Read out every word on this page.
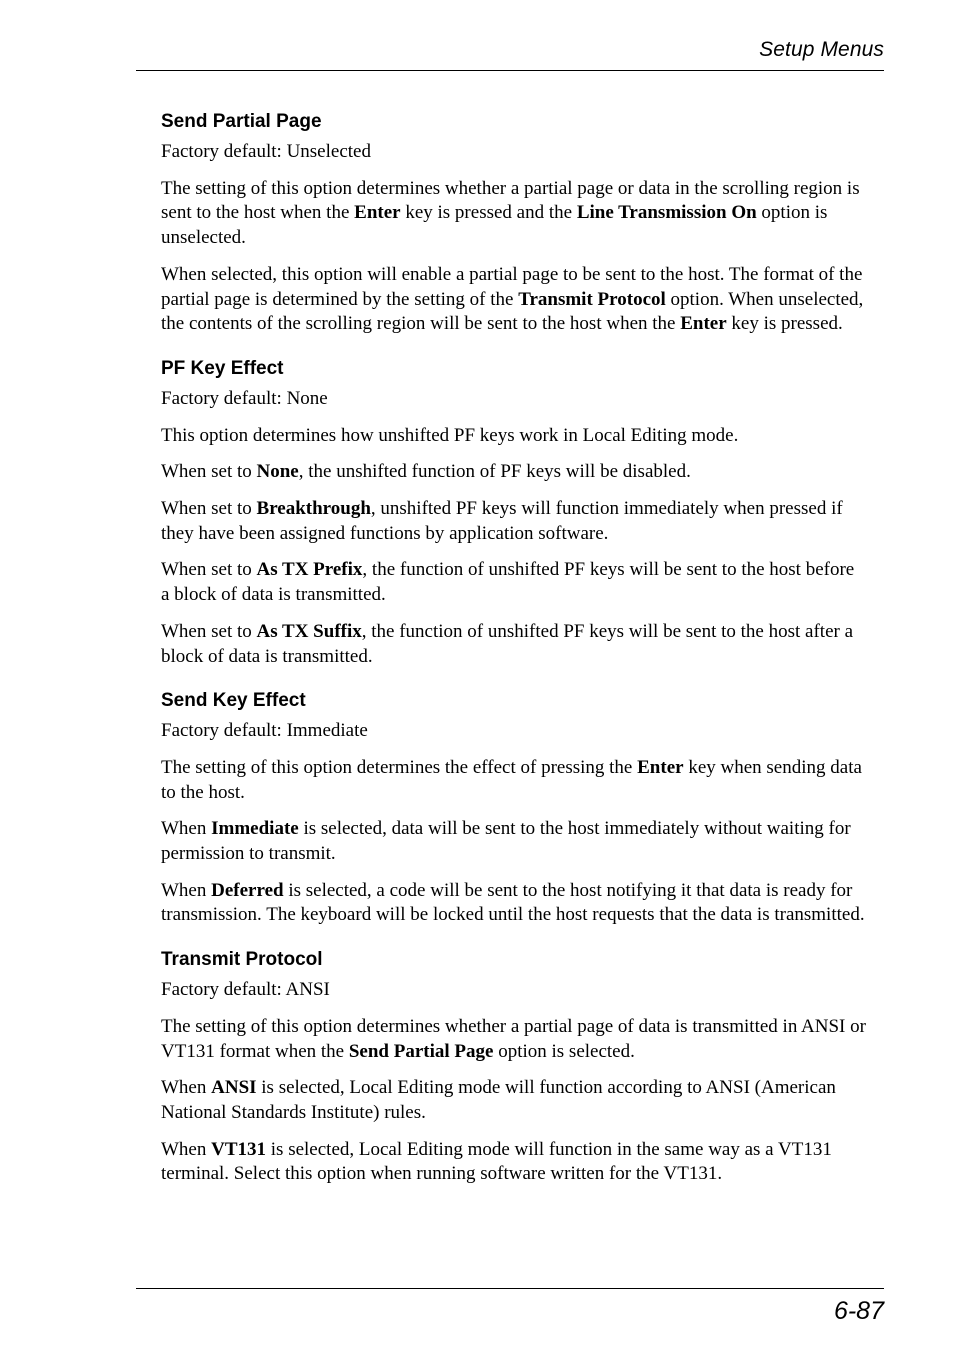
Setup Menus
Send Partial Page

Factory default: Unselected

The setting of this option determines whether a partial page or data in the scrolling region is sent to the host when the Enter key is pressed and the Line Transmission On option is unselected.

When selected, this option will enable a partial page to be sent to the host. The format of the partial page is determined by the setting of the Transmit Protocol option. When unselected, the contents of the scrolling region will be sent to the host when the Enter key is pressed.

PF Key Effect

Factory default: None

This option determines how unshifted PF keys work in Local Editing mode.

When set to None, the unshifted function of PF keys will be disabled.

When set to Breakthrough, unshifted PF keys will function immediately when pressed if they have been assigned functions by application software.

When set to As TX Prefix, the function of unshifted PF keys will be sent to the host before a block of data is transmitted.

When set to As TX Suffix, the function of unshifted PF keys will be sent to the host after a block of data is transmitted.

Send Key Effect

Factory default: Immediate

The setting of this option determines the effect of pressing the Enter key when sending data to the host.

When Immediate is selected, data will be sent to the host immediately without waiting for permission to transmit.

When Deferred is selected, a code will be sent to the host notifying it that data is ready for transmission. The keyboard will be locked until the host requests that the data is transmitted.

Transmit Protocol

Factory default: ANSI

The setting of this option determines whether a partial page of data is transmitted in ANSI or VT131 format when the Send Partial Page option is selected.

When ANSI is selected, Local Editing mode will function according to ANSI (American National Standards Institute) rules.

When VT131 is selected, Local Editing mode will function in the same way as a VT131 terminal. Select this option when running software written for the VT131.

6-87
